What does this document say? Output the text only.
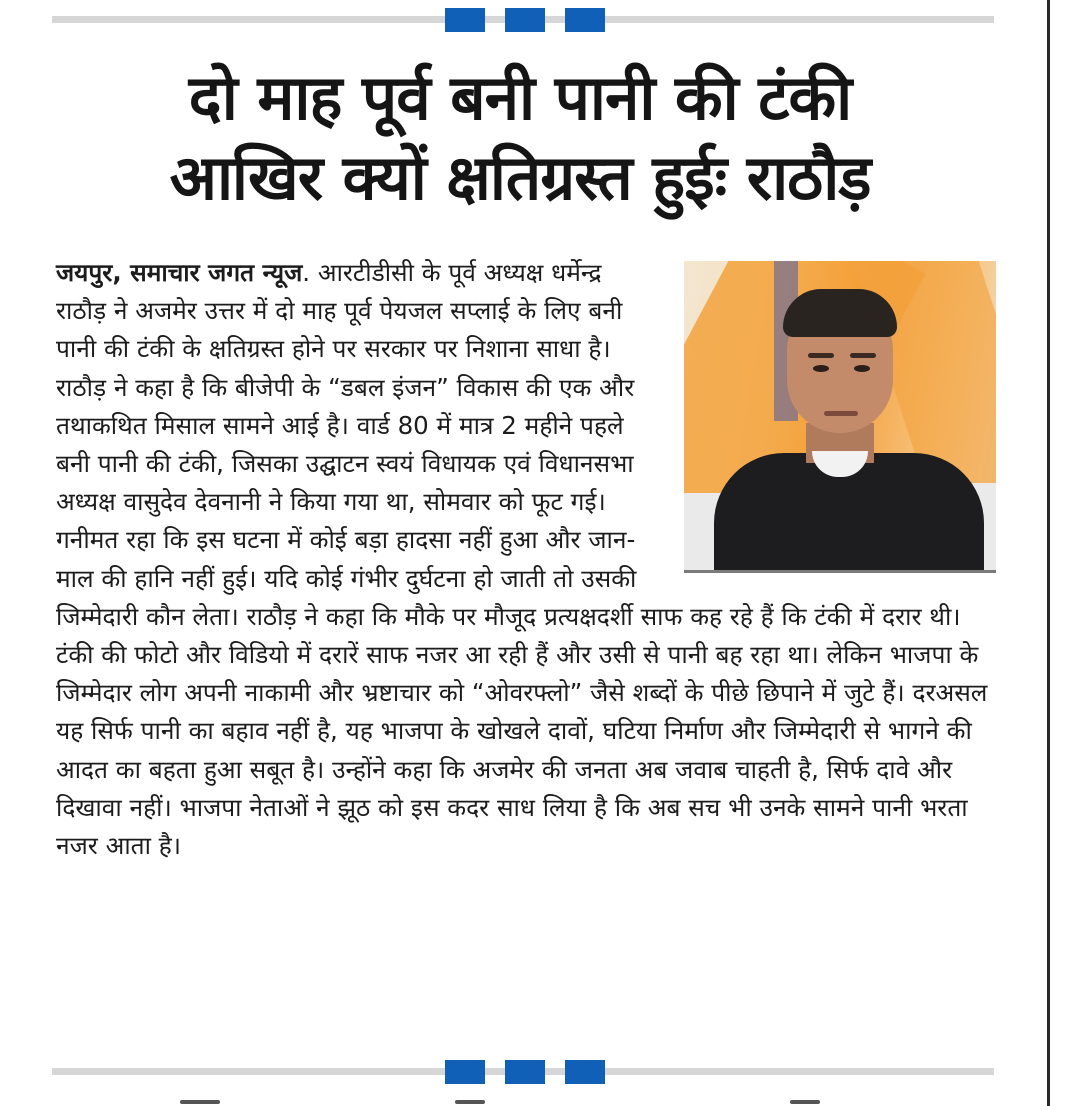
दो माह पूर्व बनी पानी की टंकी
आखिर क्यों क्षतिग्रस्त हुईः राठौड़
जयपुर, समाचार जगत न्यूज. आरटीडीसी के पूर्व अध्यक्ष धर्मेन्द्र राठौड़ ने अजमेर उत्तर में दो माह पूर्व पेयजल सप्लाई के लिए बनी पानी की टंकी के क्षतिग्रस्त होने पर सरकार पर निशाना साधा है। राठौड़ ने कहा है कि बीजेपी के “डबल इंजन” विकास की एक और तथाकथित मिसाल सामने आई है। वार्ड 80 में मात्र 2 महीने पहले बनी पानी की टंकी, जिसका उद्घाटन स्वयं विधायक एवं विधानसभा अध्यक्ष वासुदेव देवनानी ने किया गया था, सोमवार को फूट गई। गनीमत रहा कि इस घटना में कोई बड़ा हादसा नहीं हुआ और जान-माल की हानि नहीं हुई। यदि कोई गंभीर दुर्घटना हो जाती तो उसकी जिम्मेदारी कौन लेता। राठौड़ ने कहा कि मौके पर मौजूद प्रत्यक्षदर्शी साफ कह रहे हैं कि टंकी में दरार थी। टंकी की फोटो और विडियो में दरारें साफ नजर आ रही हैं और उसी से पानी बह रहा था। लेकिन भाजपा के जिम्मेदार लोग अपनी नाकामी और भ्रष्टाचार को “ओवरफ्लो” जैसे शब्दों के पीछे छिपाने में जुटे हैं। दरअसल यह सिर्फ पानी का बहाव नहीं है, यह भाजपा के खोखले दावों, घटिया निर्माण और जिम्मेदारी से भागने की आदत का बहता हुआ सबूत है। उन्होंने कहा कि अजमेर की जनता अब जवाब चाहती है, सिर्फ दावे और दिखावा नहीं। भाजपा नेताओं ने झूठ को इस कदर साध लिया है कि अब सच भी उनके सामने पानी भरता नजर आता है।
